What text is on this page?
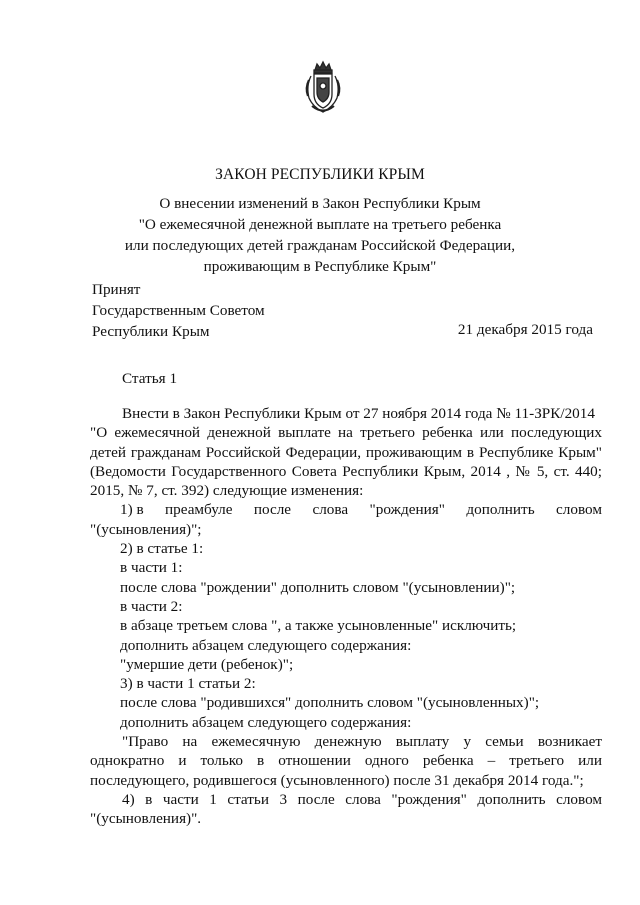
ЗАКОН РЕСПУБЛИКИ КРЫМ
О внесении изменений в Закон Республики Крым
"О ежемесячной денежной выплате на третьего ребенка
или последующих детей гражданам Российской Федерации,
проживающим в Республике Крым"
Принят
Государственным Советом
Республики Крым	21 декабря 2015 года
Статья 1

Внести в Закон Республики Крым от 27 ноября 2014 года № 11-ЗРК/2014

"О ежемесячной денежной выплате на третьего ребенка или последующих

детей гражданам Российской Федерации, проживающим в Республике Крым"

(Ведомости Государственного Совета Республики Крым, 2014 , № 5, ст. 440;

2015, № 7, ст. 392) следующие изменения:

1) в преамбуле после слова "рождения" дополнить словом

"(усыновления)";

2) в статье 1:

в части 1:

после слова "рождении" дополнить словом "(усыновлении)";

в части 2:

в абзаце третьем слова ", а также усыновленные" исключить;

дополнить абзацем следующего содержания:

"умершие дети (ребенок)";

3) в части 1 статьи 2:

после слова "родившихся" дополнить словом "(усыновленных)";

дополнить абзацем следующего содержания:

"Право на ежемесячную денежную выплату у семьи возникает

однократно и только в отношении одного ребенка – третьего или

последующего, родившегося (усыновленного) после 31 декабря 2014 года.";

4) в части 1 статьи 3 после слова "рождения" дополнить словом

"(усыновления)".
